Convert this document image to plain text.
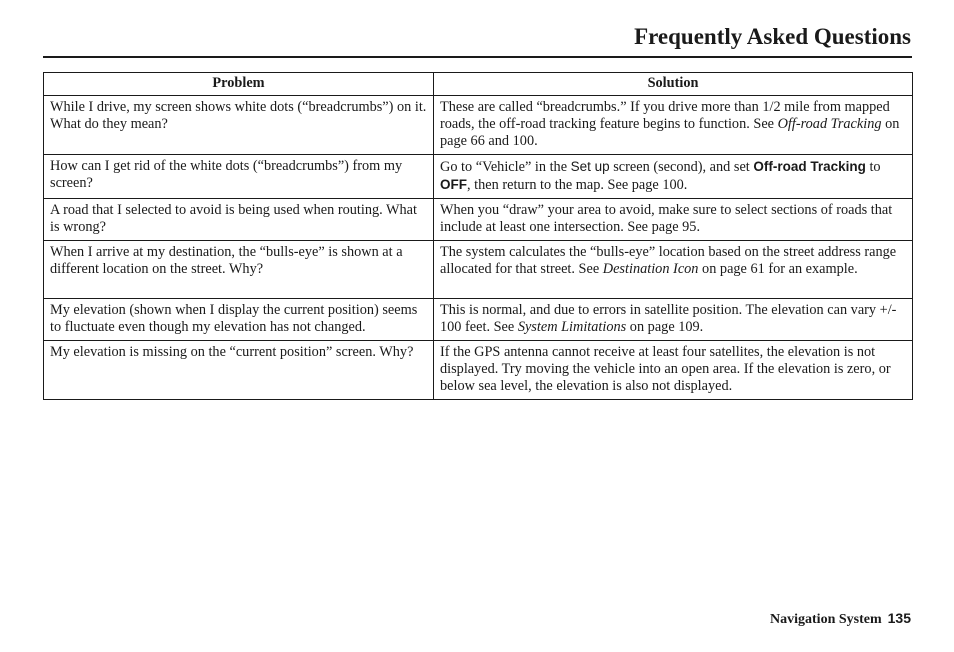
Frequently Asked Questions
Problem	Solution
While I drive, my screen shows white dots (“breadcrumbs”) on it. What do they mean?	These are called “breadcrumbs.” If you drive more than 1/2 mile from mapped roads, the off-road tracking feature begins to function. See Off-road Tracking on page 66 and 100.
How can I get rid of the white dots (“breadcrumbs”) from my screen?	Go to “Vehicle” in the Set up screen (second), and set Off-road Tracking to OFF, then return to the map. See page 100.
A road that I selected to avoid is being used when routing. What is wrong?	When you “draw” your area to avoid, make sure to select sections of roads that include at least one intersection. See page 95.
When I arrive at my destination, the “bulls-eye” is shown at a different location on the street. Why?	The system calculates the “bulls-eye” location based on the street address range allocated for that street. See Destination Icon on page 61 for an example.
My elevation (shown when I display the current position) seems to fluctuate even though my elevation has not changed.	This is normal, and due to errors in satellite position. The elevation can vary +/- 100 feet. See System Limitations on page 109.
My elevation is missing on the “current position” screen. Why?	If the GPS antenna cannot receive at least four satellites, the elevation is not displayed. Try moving the vehicle into an open area. If the elevation is zero, or below sea level, the elevation is also not displayed.
Navigation System 135
